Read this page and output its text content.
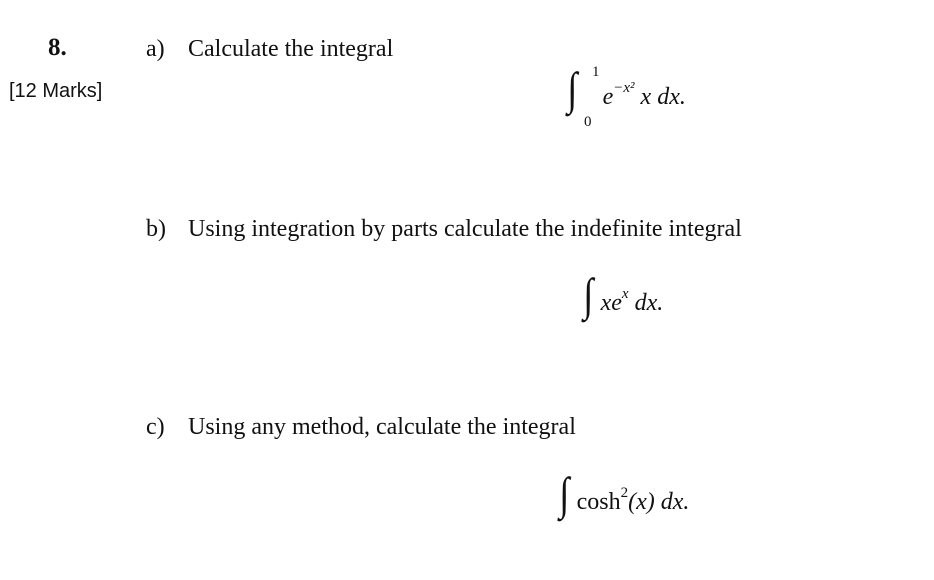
8.
[12 Marks]
a) Calculate the integral
∫ 1
0
$e^{-x^2}$ x dx.
b) Using integration by parts calculate the indefinite integral
∫ $xe^x$ dx.
c) Using any method, calculate the integral
∫ $\cosh^2(x)$ dx.
